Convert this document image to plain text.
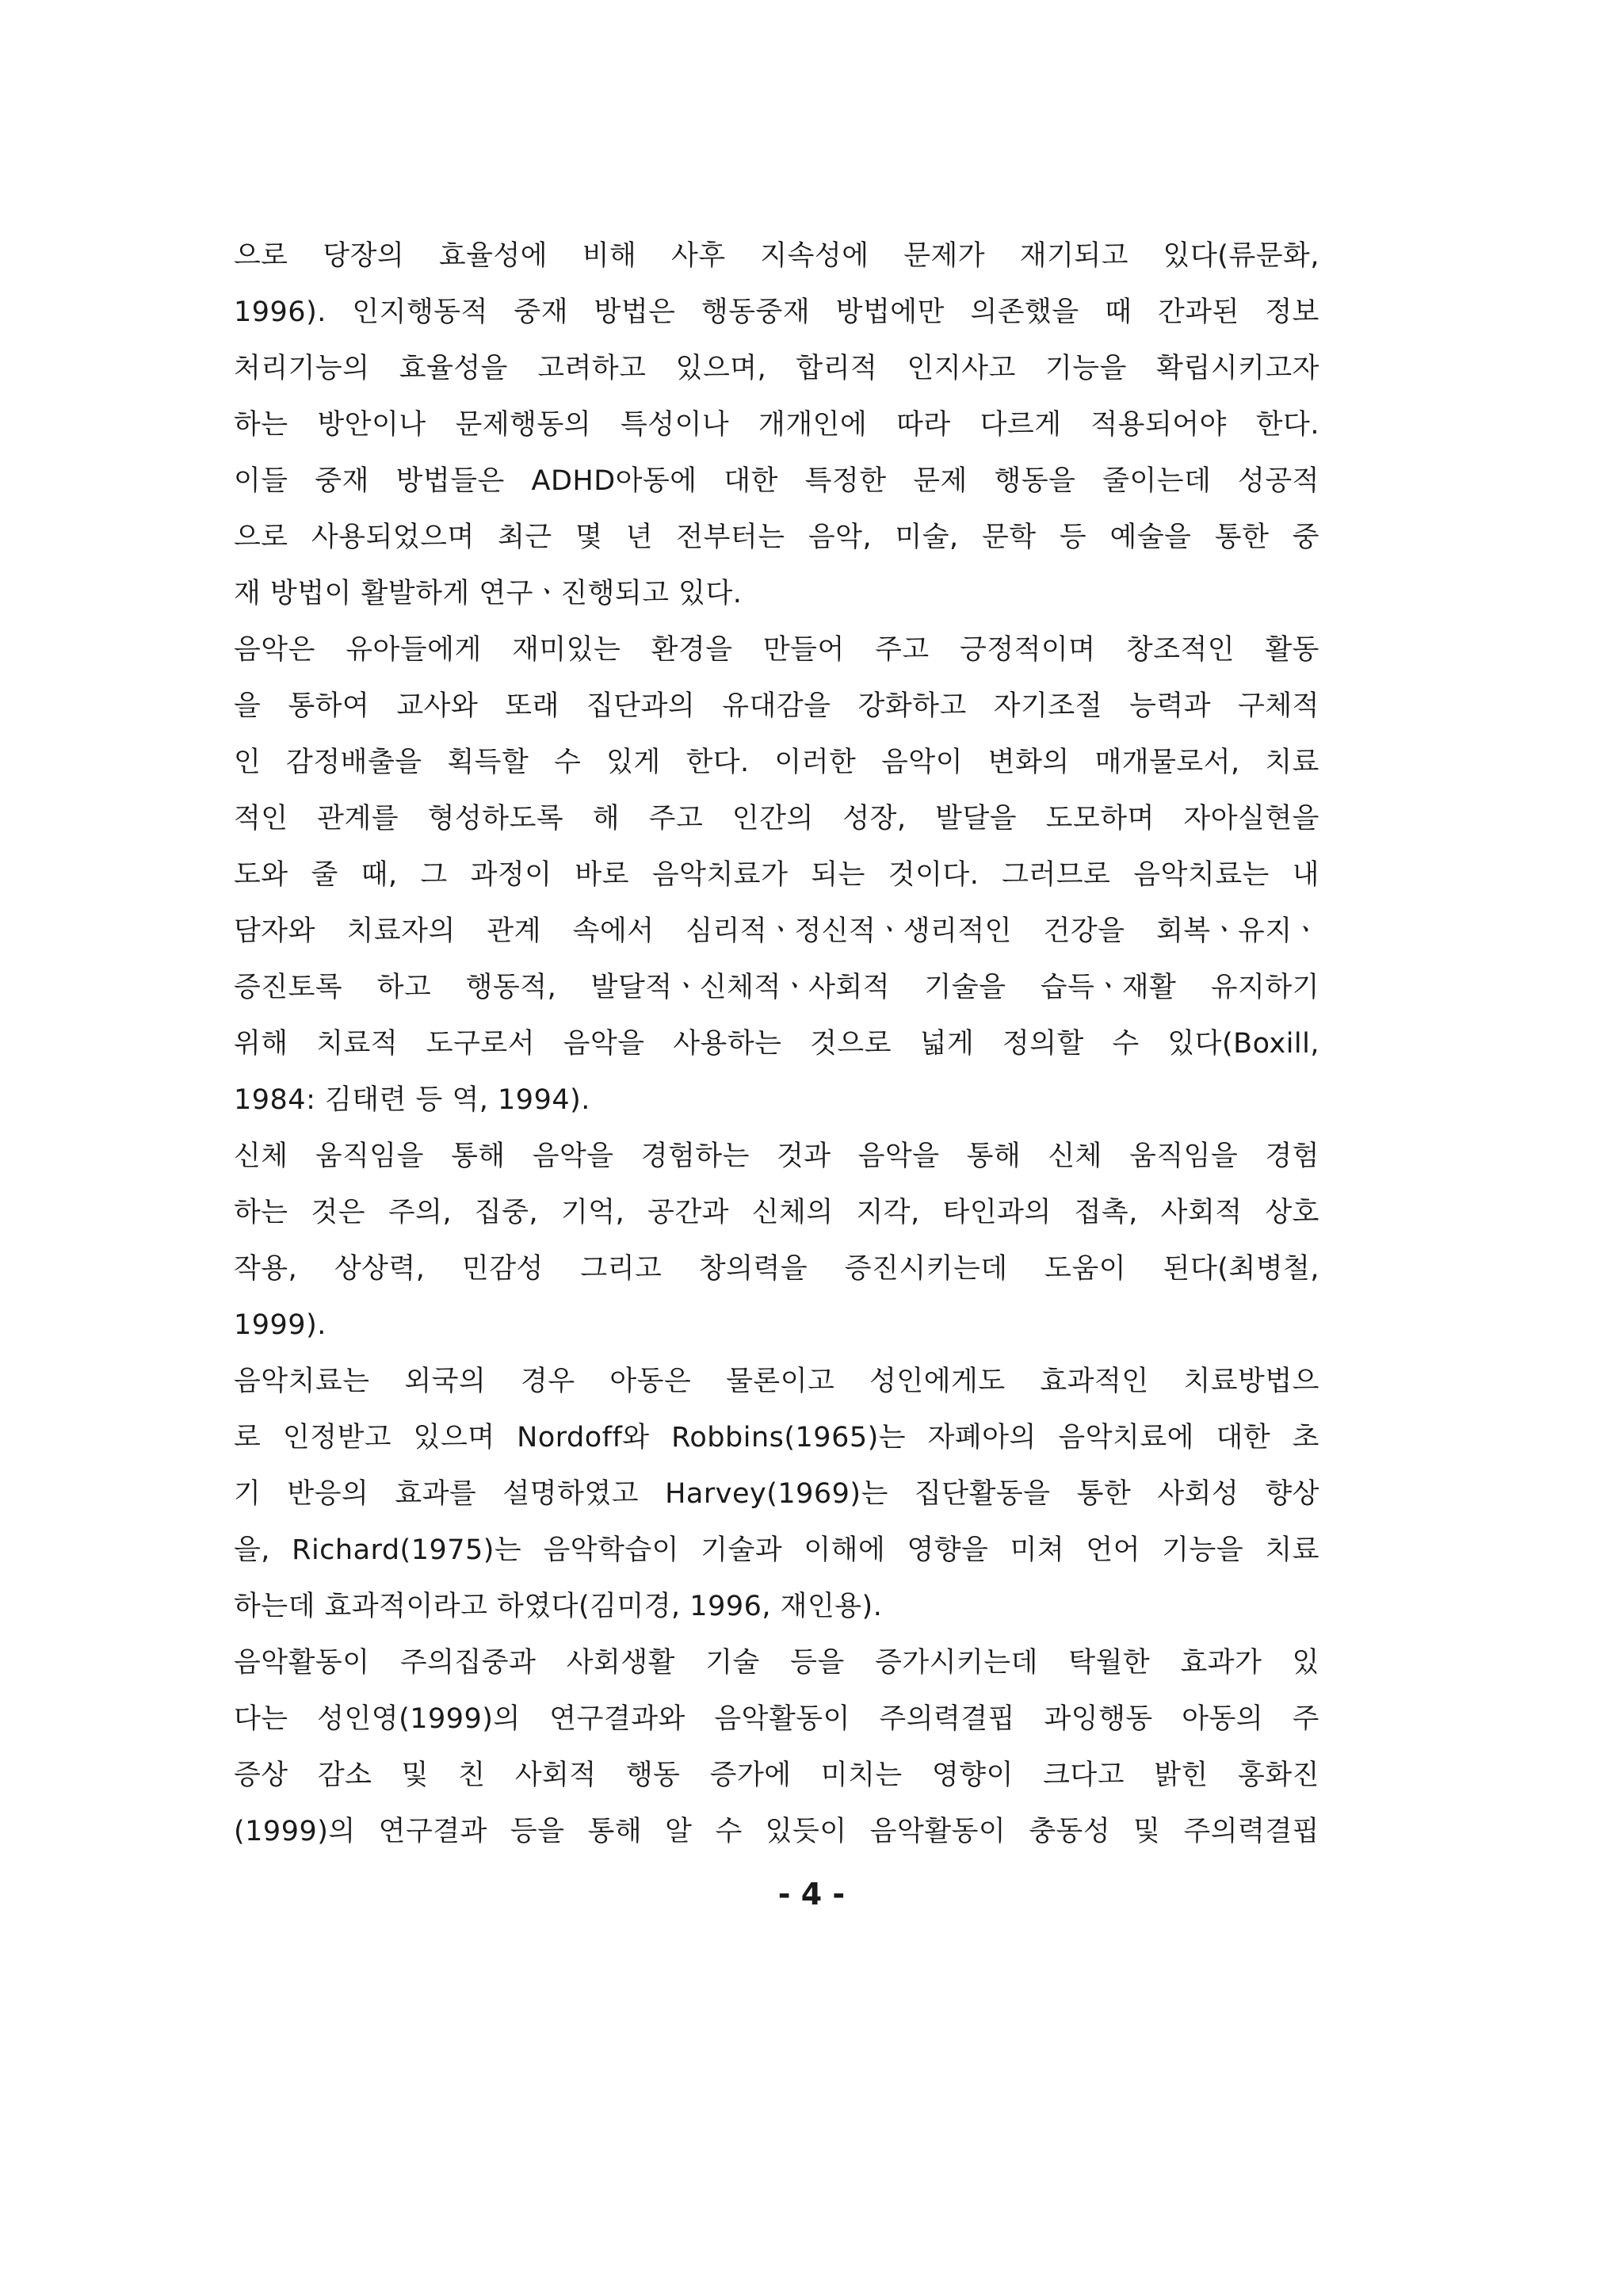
으로 당장의 효율성에 비해 사후 지속성에 문제가 재기되고 있다(류문화,
1996). 인지행동적 중재 방법은 행동중재 방법에만 의존했을 때 간과된 정보
처리기능의 효율성을 고려하고 있으며, 합리적 인지사고 기능을 확립시키고자
하는 방안이나 문제행동의 특성이나 개개인에 따라 다르게 적용되어야 한다.
이들 중재 방법들은 ADHD아동에 대한 특정한 문제 행동을 줄이는데 성공적
으로 사용되었으며 최근 몇 년 전부터는 음악, 미술, 문학 등 예술을 통한 중
재 방법이 활발하게 연구ㆍ진행되고 있다.
음악은 유아들에게 재미있는 환경을 만들어 주고 긍정적이며 창조적인 활동
을 통하여 교사와 또래 집단과의 유대감을 강화하고 자기조절 능력과 구체적
인 감정배출을 획득할 수 있게 한다. 이러한 음악이 변화의 매개물로서, 치료
적인 관계를 형성하도록 해 주고 인간의 성장, 발달을 도모하며 자아실현을
도와 줄 때, 그 과정이 바로 음악치료가 되는 것이다. 그러므로 음악치료는 내
담자와 치료자의 관계 속에서 심리적ㆍ정신적ㆍ생리적인 건강을 회복ㆍ유지ㆍ
증진토록 하고 행동적, 발달적ㆍ신체적ㆍ사회적 기술을 습득ㆍ재활 유지하기
위해 치료적 도구로서 음악을 사용하는 것으로 넓게 정의할 수 있다(Boxill,
1984: 김태련 등 역, 1994).
신체 움직임을 통해 음악을 경험하는 것과 음악을 통해 신체 움직임을 경험
하는 것은 주의, 집중, 기억, 공간과 신체의 지각, 타인과의 접촉, 사회적 상호
작용, 상상력, 민감성 그리고 창의력을 증진시키는데 도움이 된다(최병철,
1999).
음악치료는 외국의 경우 아동은 물론이고 성인에게도 효과적인 치료방법으
로 인정받고 있으며 Nordoff와 Robbins(1965)는 자폐아의 음악치료에 대한 초
기 반응의 효과를 설명하였고 Harvey(1969)는 집단활동을 통한 사회성 향상
을, Richard(1975)는 음악학습이 기술과 이해에 영향을 미쳐 언어 기능을 치료
하는데 효과적이라고 하였다(김미경, 1996, 재인용).
음악활동이 주의집중과 사회생활 기술 등을 증가시키는데 탁월한 효과가 있
다는 성인영(1999)의 연구결과와 음악활동이 주의력결핍 과잉행동 아동의 주
증상 감소 및 친 사회적 행동 증가에 미치는 영향이 크다고 밝힌 홍화진
(1999)의 연구결과 등을 통해 알 수 있듯이 음악활동이 충동성 및 주의력결핍
- 4 -
